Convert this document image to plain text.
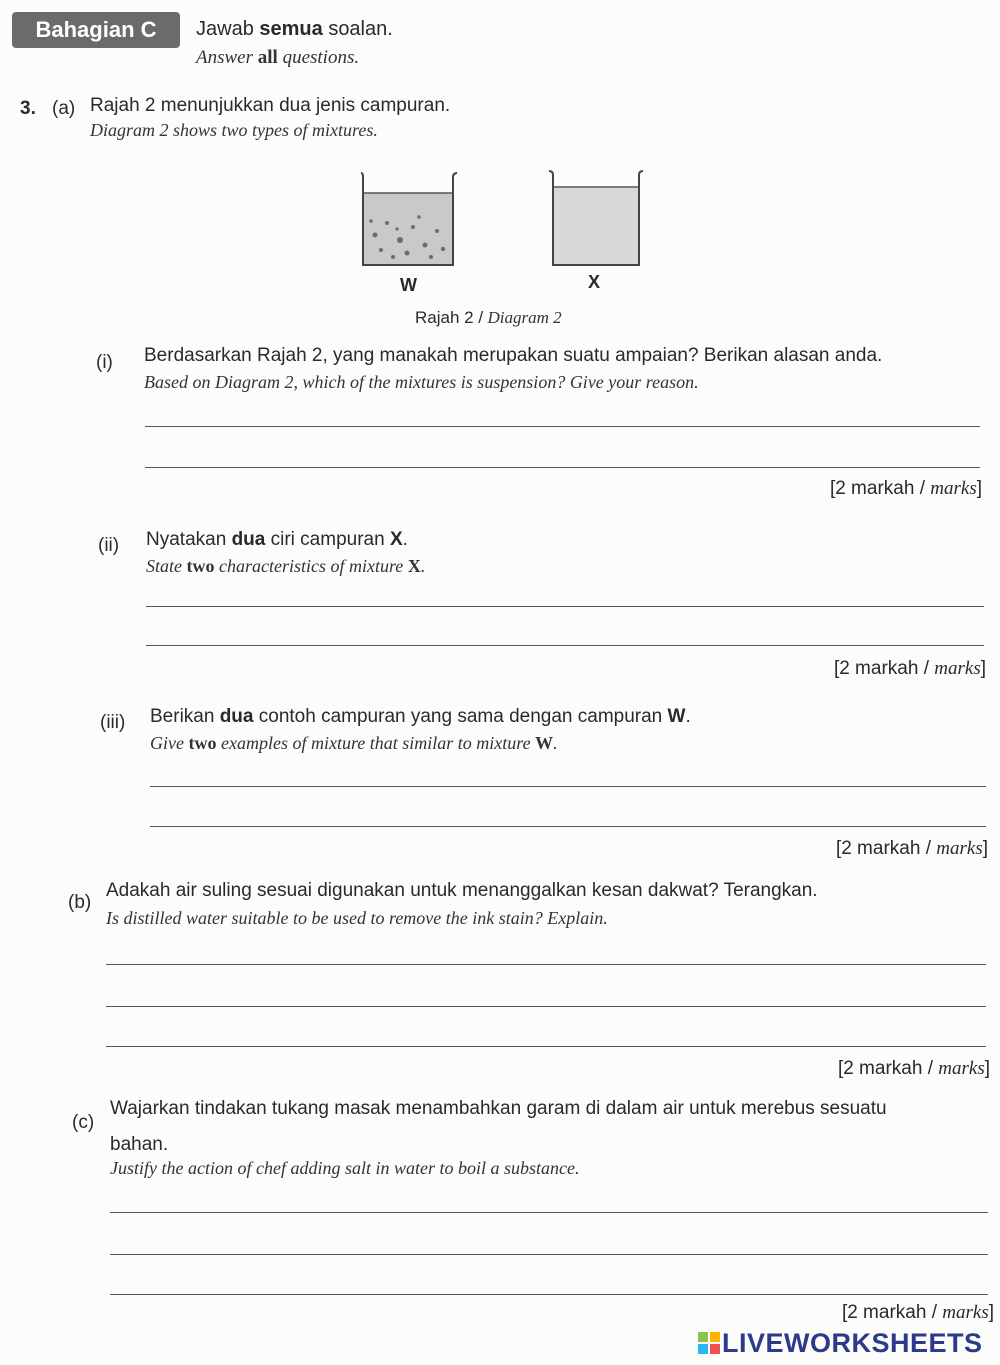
Bahagian C	Jawab semua soalan.
Answer all questions.
3. (a) Rajah 2 menunjukkan dua jenis campuran.
Diagram 2 shows two types of mixtures.
W	X
Rajah 2 / Diagram 2
(i) Berdasarkan Rajah 2, yang manakah merupakan suatu ampaian? Berikan alasan anda.
Based on Diagram 2, which of the mixtures is suspension? Give your reason.
[2 markah / marks]
(ii) Nyatakan dua ciri campuran X.
State two characteristics of mixture X.
[2 markah / marks]
(iii) Berikan dua contoh campuran yang sama dengan campuran W.
Give two examples of mixture that similar to mixture W.
[2 markah / marks]
(b)
Adakah air suling sesuai digunakan untuk menanggalkan kesan dakwat? Terangkan.
Is distilled water suitable to be used to remove the ink stain? Explain.
[2 markah / marks]
(c)
Wajarkan tindakan tukang masak menambahkan garam di dalam air untuk merebus sesuatu
bahan.
Justify the action of chef adding salt in water to boil a substance.
[2 markah / marks]
LIVEWORKSHEETS
